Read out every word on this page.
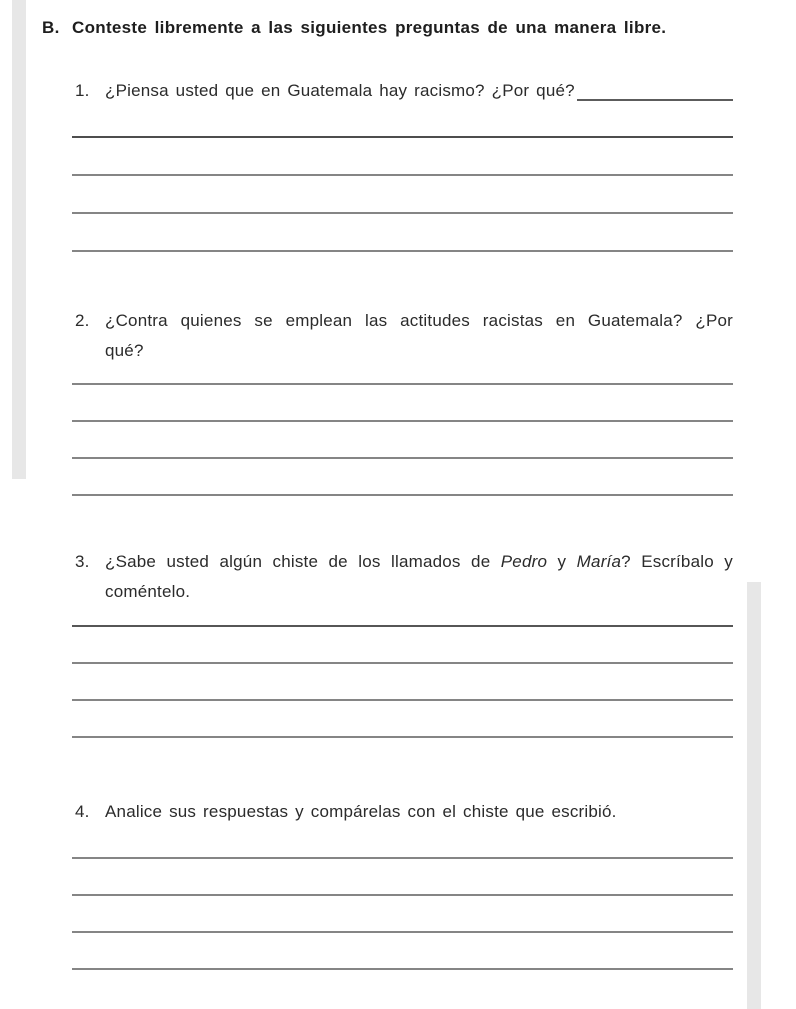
B. Conteste libremente a las siguientes preguntas de una manera libre.
1. ¿Piensa usted que en Guatemala hay racismo? ¿Por qué?
2. ¿Contra quienes se emplean las actitudes racistas en Guatemala? ¿Por
qué?
3. ¿Sabe usted algún chiste de los llamados de Pedro y María? Escríbalo y
coméntelo.
4. Analice sus respuestas y compárelas con el chiste que escribió.
